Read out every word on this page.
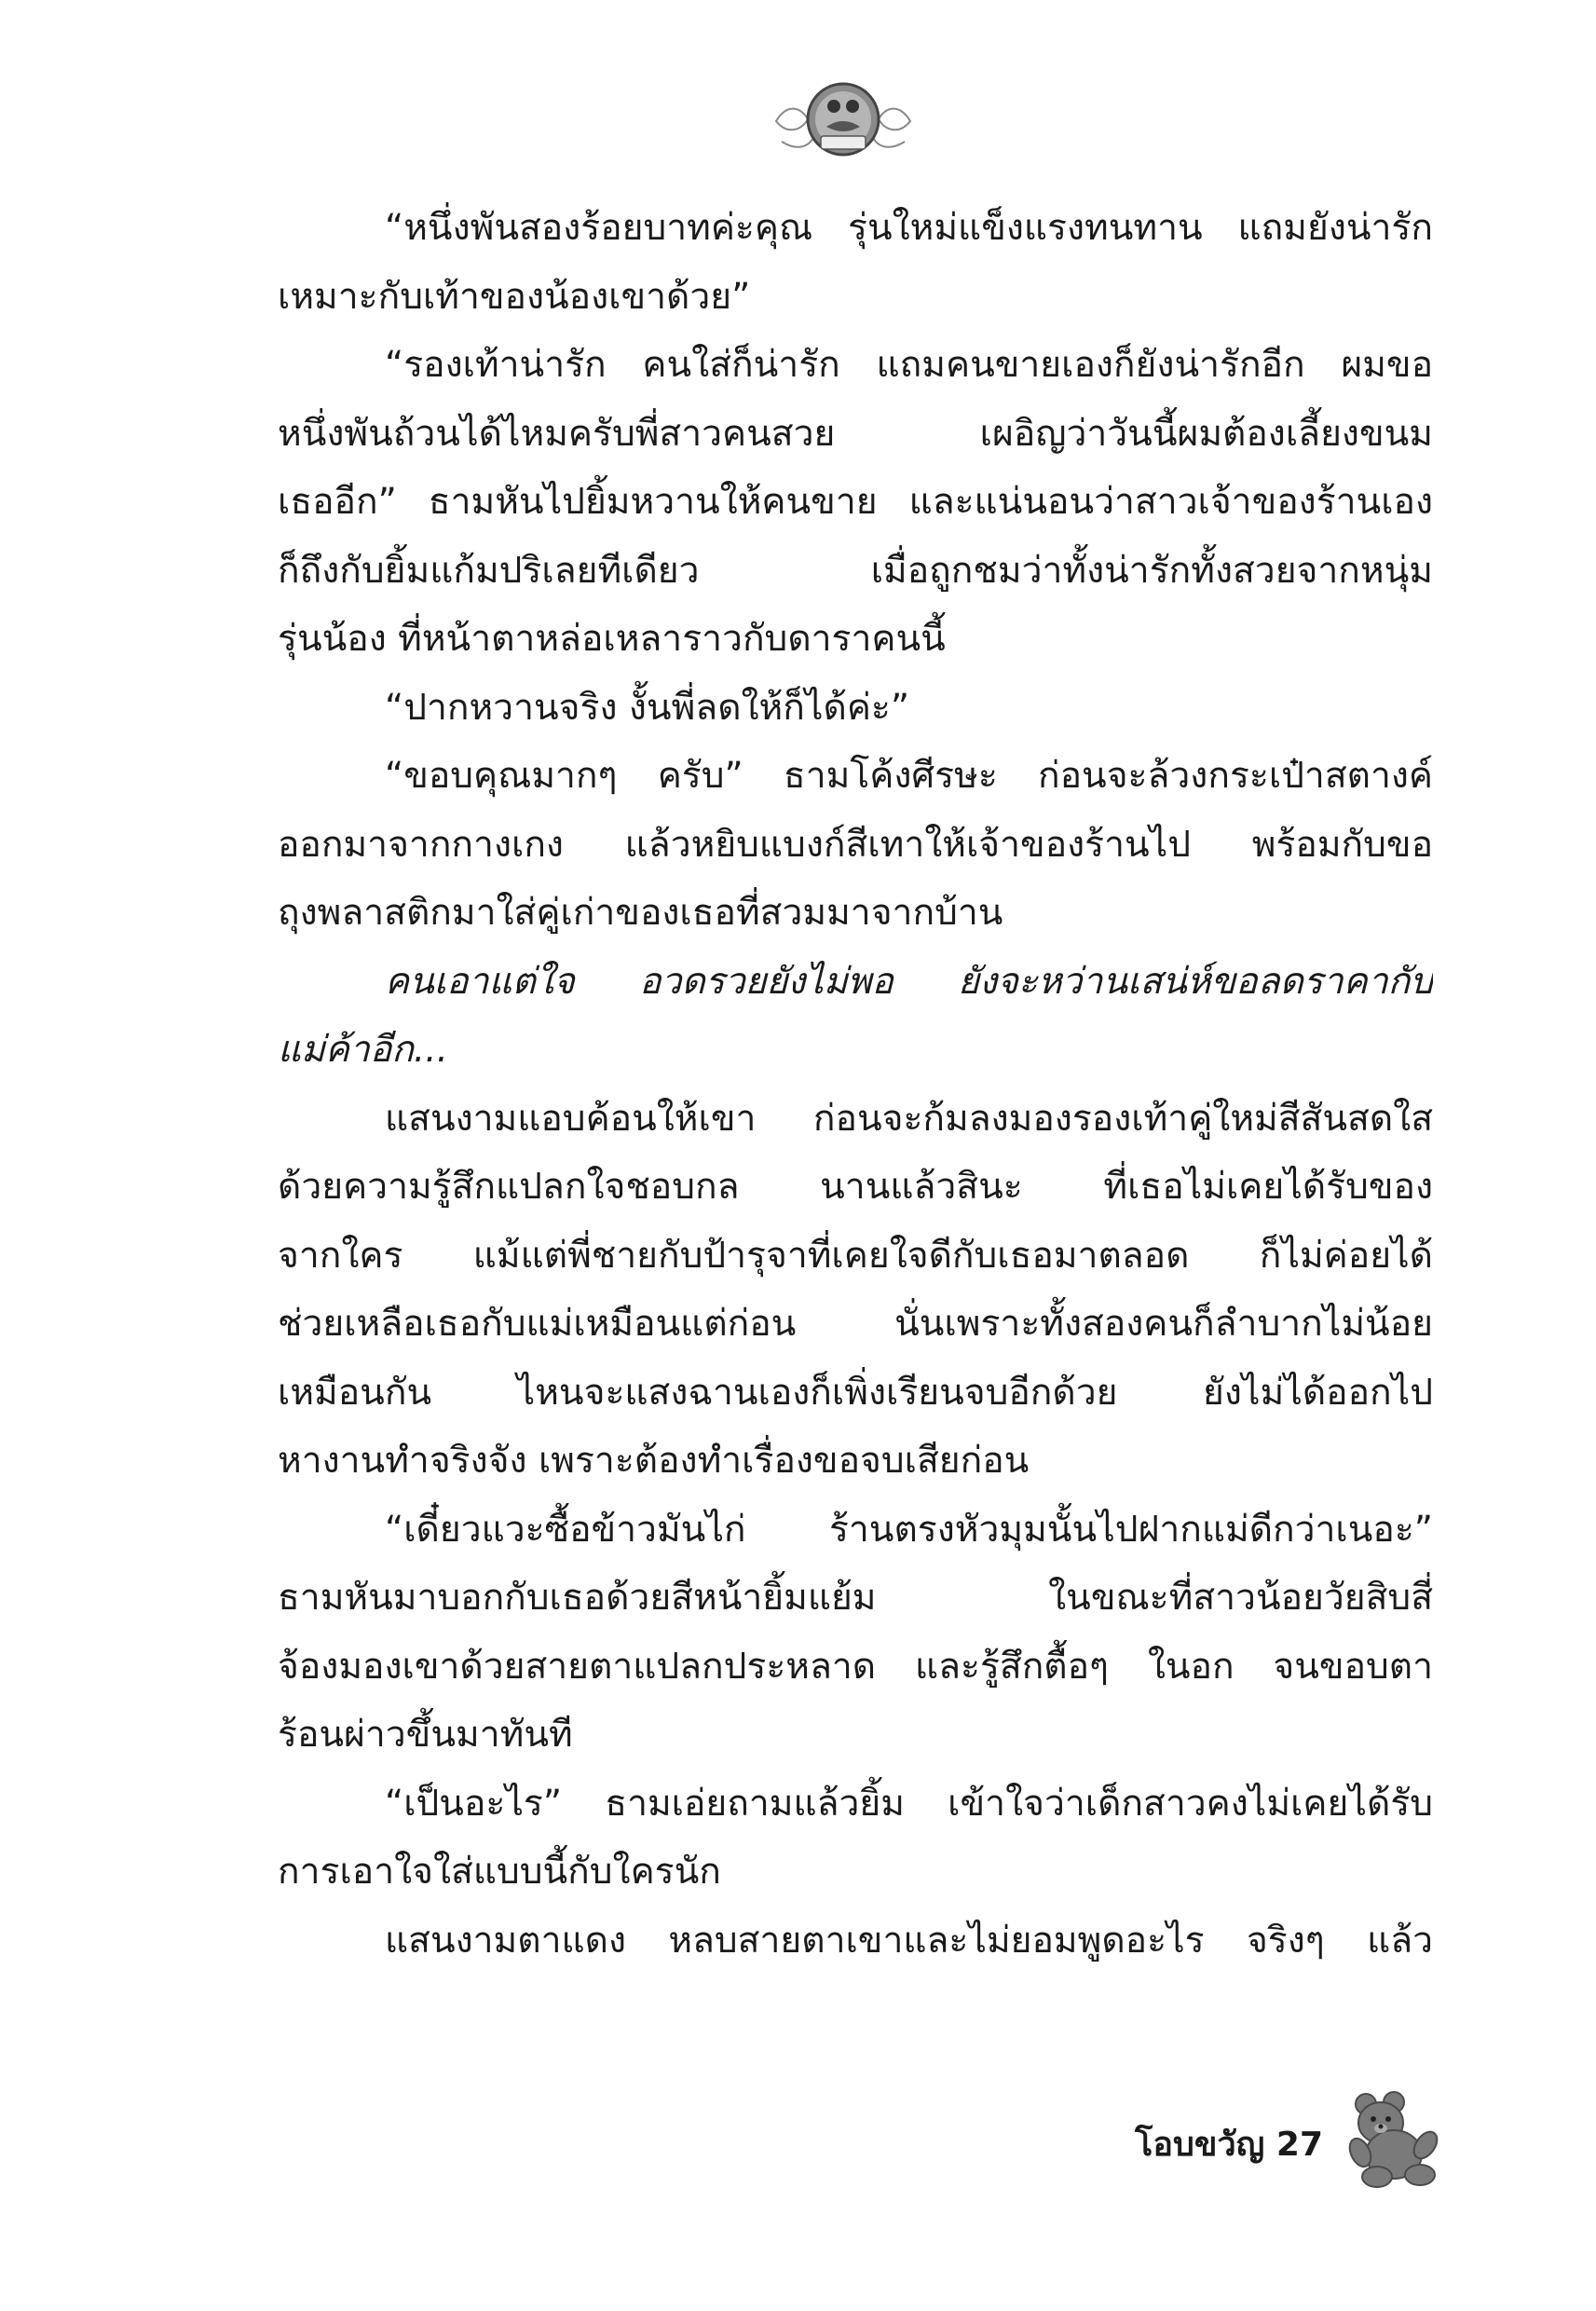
“หนึ่งพันสองร้อยบาทค่ะคุณ รุ่นใหม่แข็งแรงทนทาน แถมยังน่ารัก
เหมาะกับเท้าของน้องเขาด้วย”
“รองเท้าน่ารัก คนใส่ก็น่ารัก แถมคนขายเองก็ยังน่ารักอีก ผมขอ
หนึ่งพันถ้วนได้ไหมครับพี่สาวคนสวย เผอิญว่าวันนี้ผมต้องเลี้ยงขนม
เธออีก” ธามหันไปยิ้มหวานให้คนขาย และแน่นอนว่าสาวเจ้าของร้านเอง
ก็ถึงกับยิ้มแก้มปริเลยทีเดียว เมื่อถูกชมว่าทั้งน่ารักทั้งสวยจากหนุ่ม
รุ่นน้อง ที่หน้าตาหล่อเหลาราวกับดาราคนนี้
“ปากหวานจริง งั้นพี่ลดให้ก็ได้ค่ะ”
“ขอบคุณมากๆ ครับ” ธามโค้งศีรษะ ก่อนจะล้วงกระเป๋าสตางค์
ออกมาจากกางเกง แล้วหยิบแบงก์สีเทาให้เจ้าของร้านไป พร้อมกับขอ
ถุงพลาสติกมาใส่คู่เก่าของเธอที่สวมมาจากบ้าน
คนเอาแต่ใจ อวดรวยยังไม่พอ ยังจะหว่านเสน่ห์ขอลดราคากับ
แม่ค้าอีก...
แสนงามแอบค้อนให้เขา ก่อนจะก้มลงมองรองเท้าคู่ใหม่สีสันสดใส
ด้วยความรู้สึกแปลกใจชอบกล นานแล้วสินะ ที่เธอไม่เคยได้รับของ
จากใคร แม้แต่พี่ชายกับป้ารุจาที่เคยใจดีกับเธอมาตลอด ก็ไม่ค่อยได้
ช่วยเหลือเธอกับแม่เหมือนแต่ก่อน นั่นเพราะทั้งสองคนก็ลำบากไม่น้อย
เหมือนกัน ไหนจะแสงฉานเองก็เพิ่งเรียนจบอีกด้วย ยังไม่ได้ออกไป
หางานทำจริงจัง เพราะต้องทำเรื่องขอจบเสียก่อน
“เดี๋ยวแวะซื้อข้าวมันไก่ ร้านตรงหัวมุมนั้นไปฝากแม่ดีกว่าเนอะ”
ธามหันมาบอกกับเธอด้วยสีหน้ายิ้มแย้ม ในขณะที่สาวน้อยวัยสิบสี่
จ้องมองเขาด้วยสายตาแปลกประหลาด และรู้สึกตื้อๆ ในอก จนขอบตา
ร้อนผ่าวขึ้นมาทันที
“เป็นอะไร” ธามเอ่ยถามแล้วยิ้ม เข้าใจว่าเด็กสาวคงไม่เคยได้รับ
การเอาใจใส่แบบนี้กับใครนัก
แสนงามตาแดง หลบสายตาเขาและไม่ยอมพูดอะไร จริงๆ แล้ว
โอบขวัญ 27
